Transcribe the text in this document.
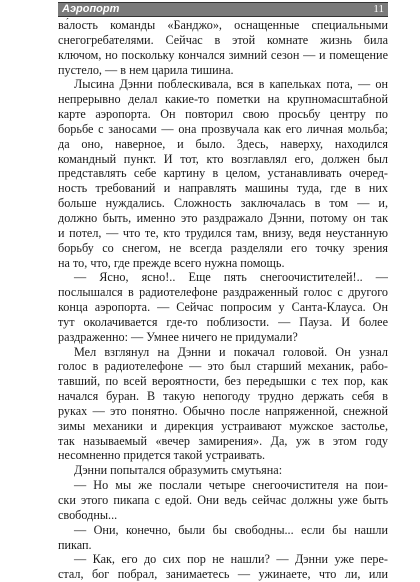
Аэропорт	11
ва́лость команды «Банджо», оснащенные специальными
снегогребателями. Сейчас в этой комнате жизнь била
ключом, но поскольку кончался зимний сезон — и помещение
пустело, — в нем царила тишина.
Лысина Дэнни поблескивала, вся в капельках пота, — он
непрерывно делал какие-то пометки на крупномасштабной
карте аэропорта. Он повторил свою просьбу центру по
борьбе с заносами — она прозвучала как его личная мольба;
да оно, наверное, и было. Здесь, наверху, находился
командный пункт. И тот, кто возглавлял его, должен был
представлять себе картину в целом, устанавливать очеред-
ность требований и направлять машины туда, где в них
больше нуждались. Сложность заключалась в том — и,
должно быть, именно это раздражало Дэнни, потому он так
и потел, — что те, кто трудился там, внизу, ведя неустанную
борьбу со снегом, не всегда разделяли его точку зрения
на то, что, где прежде всего нужна помощь.
— Ясно, ясно!.. Еще пять снегоочистителей!.. —
послышался в радиотелефоне раздраженный голос с другого
конца аэропорта. — Сейчас попросим у Санта-Клауса. Он
тут околачивается где-то поблизости. — Пауза. И более
раздраженно: — Умнее ничего не придумали?
Мел взглянул на Дэнни и покачал головой. Он узнал
голос в радиотелефоне — это был старший механик, рабо-
тавший, по всей вероятности, без передышки с тех пор, как
начался буран. В такую непогоду трудно держать себя в
руках — это понятно. Обычно после напряженной, снежной
зимы механики и дирекция устраивают мужское застолье,
так называемый «вечер замирения». Да, уж в этом году
несомненно придется такой устраивать.
Дэнни попытался образумить смутьяна:
— Но мы же послали четыре снегоочистителя на пои-
ски этого пикапа с едой. Они ведь сейчас должны уже быть
свободны...
— Они, конечно, были бы свободны... если бы нашли
пикап.
— Как, его до сих пор не нашли? — Дэнни уже пере-
стал, бог побрал, занимаетесь — ужинаете, что ли, или
